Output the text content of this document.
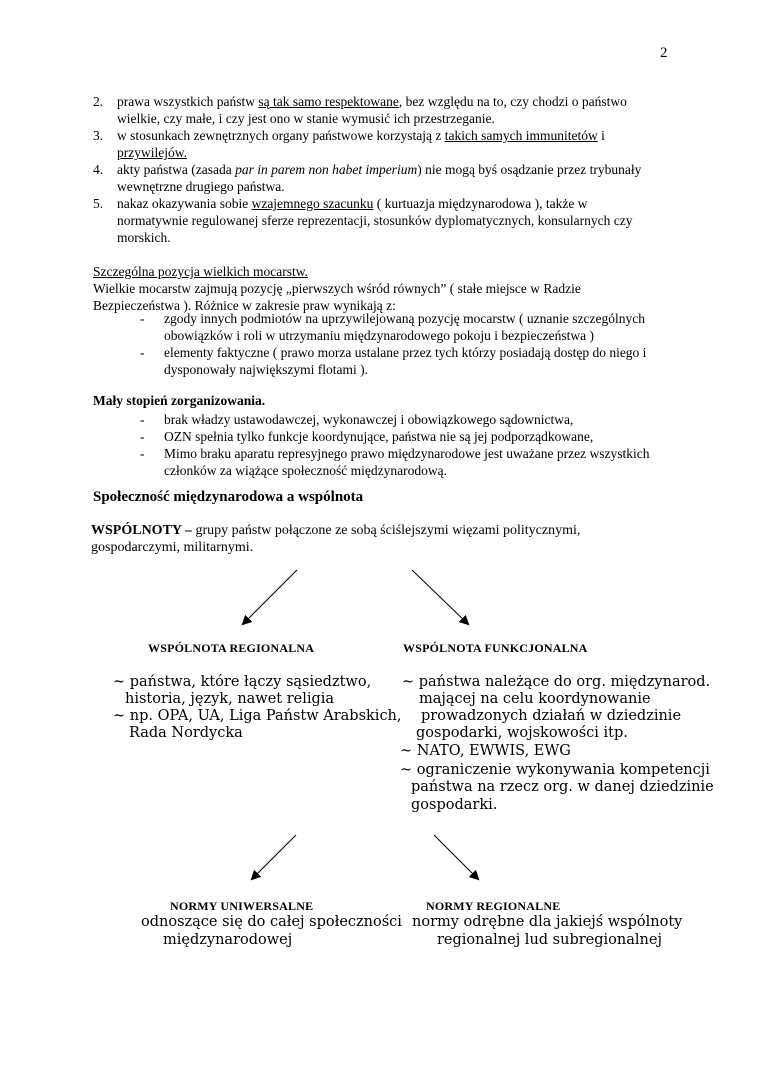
2
2. prawa wszystkich państw są tak samo respektowane, bez względu na to, czy chodzi o państwo
wielkie, czy małe, i czy jest ono w stanie wymusić ich przestrzeganie.
3. w stosunkach zewnętrznych organy państwowe korzystają z takich samych immunitetów i
przywilejów.
4. akty państwa (zasada par in parem non habet imperium) nie mogą byś osądzanie przez trybunały
wewnętrzne drugiego państwa.
5. nakaz okazywania sobie wzajemnego szacunku ( kurtuazja międzynarodowa ), także w
normatywnie regulowanej sferze reprezentacji, stosunków dyplomatycznych, konsularnych czy
morskich.
Szczególna pozycja wielkich mocarstw.
Wielkie mocarstw zajmują pozycję „pierwszych wśród równych” ( stałe miejsce w Radzie
Bezpieczeństwa ). Różnice w zakresie praw wynikają z:
- zgody innych podmiotów na uprzywilejowaną pozycję mocarstw ( uznanie szczególnych
obowiązków i roli w utrzymaniu międzynarodowego pokoju i bezpieczeństwa )
- elementy faktyczne ( prawo morza ustalane przez tych którzy posiadają dostęp do niego i
dysponowały największymi flotami ).
Mały stopień zorganizowania.
- brak władzy ustawodawczej, wykonawczej i obowiązkowego sądownictwa,
- OZN spełnia tylko funkcje koordynujące, państwa nie są jej podporządkowane,
- Mimo braku aparatu represyjnego prawo międzynarodowe jest uważane przez wszystkich
członków za wiążące społeczność międzynarodową.
Społeczność międzynarodowa a wspólnota
WSPÓLNOTY – grupy państw połączone ze sobą ściślejszymi więzami politycznymi,
gospodarczymi, militarnymi.
WSPÓLNOTA REGIONALNA
~ państwa, które łączy sąsiedztwo,
historia, język, nawet religia
~ np. OPA, UA, Liga Państw Arabskich,
Rada Nordycka
WSPÓLNOTA FUNKCJONALNA
~ państwa należące do org. międzynarod.
mającej na celu koordynowanie
prowadzonych działań w dziedzinie
gospodarki, wojskowości itp.
~ NATO, EWWIS, EWG
~ ograniczenie wykonywania kompetencji
państwa na rzecz org. w danej dziedzinie
gospodarki.
NORMY UNIWERSALNE
odnoszące się do całej społeczności
międzynarodowej
NORMY REGIONALNE
normy odrębne dla jakiejś wspólnoty
regionalnej lud subregionalnej
